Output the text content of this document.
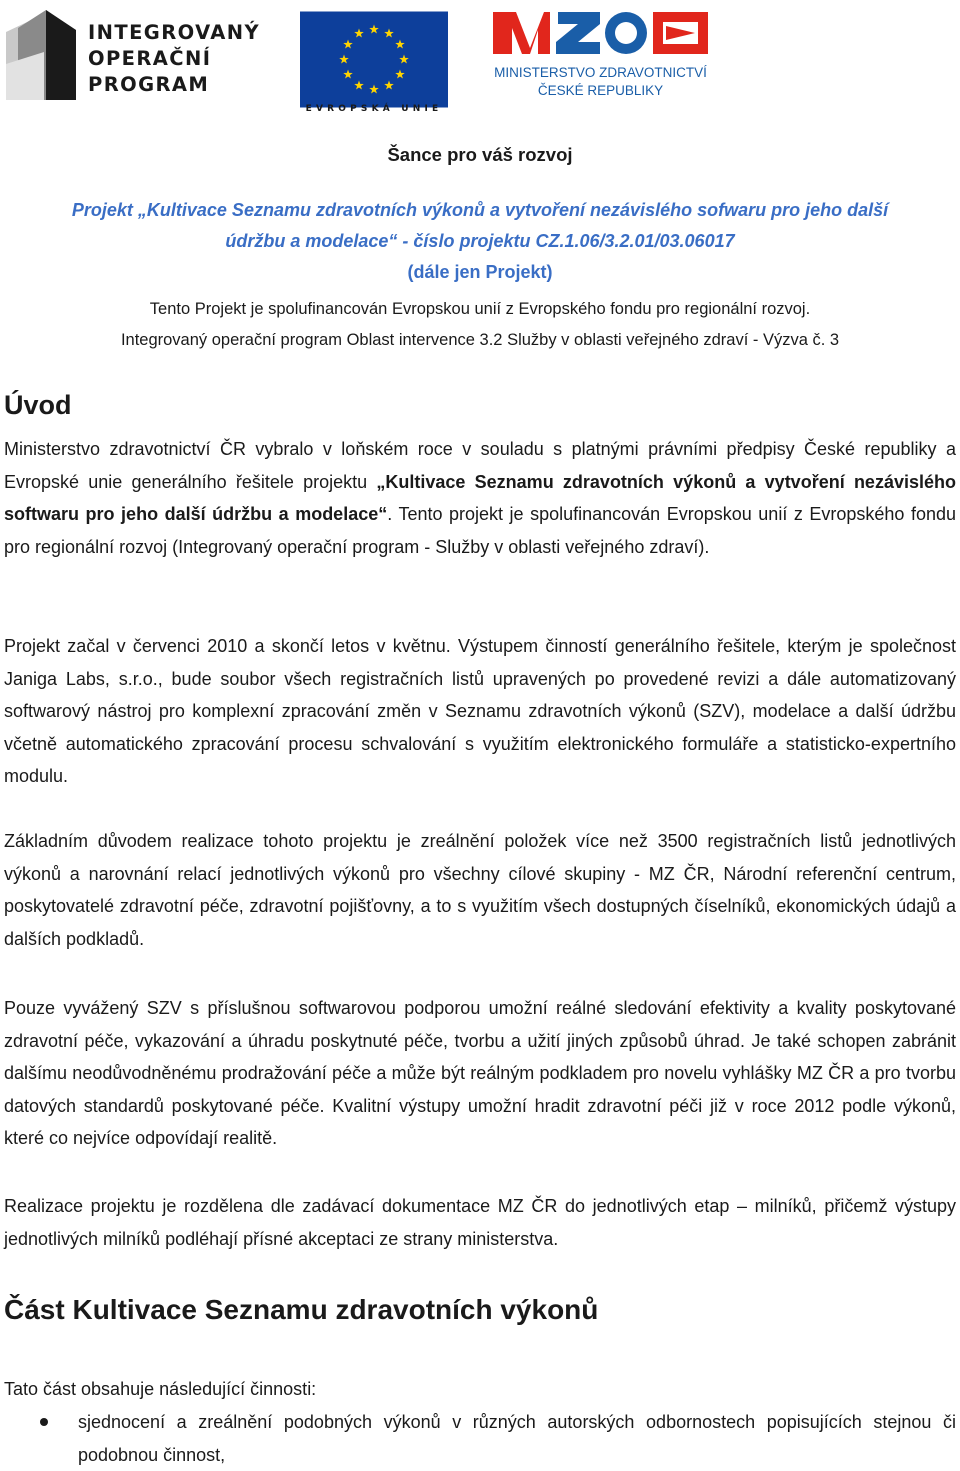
INTEGROVANÝ
OPERAČNÍ
PROGRAM
EVROPSKÁ UNIE
MINISTERSTVO ZDRAVOTNICTVÍ
ČESKÉ REPUBLIKY
Šance pro váš rozvoj
Projekt „Kultivace Seznamu zdravotních výkonů a vytvoření nezávislého sofwaru pro jeho další
údržbu a modelace“ - číslo projektu CZ.1.06/3.2.01/03.06017
(dále jen Projekt)
Tento Projekt je spolufinancován Evropskou unií z Evropského fondu pro regionální rozvoj.
Integrovaný operační program Oblast intervence 3.2 Služby v oblasti veřejného zdraví - Výzva č. 3
Úvod
Ministerstvo zdravotnictví ČR vybralo v loňském roce v souladu s platnými právními předpisy České republiky a Evropské unie generálního řešitele projektu „Kultivace Seznamu zdravotních výkonů a vytvoření nezávislého softwaru pro jeho další údržbu a modelace“. Tento projekt je spolufinancován Evropskou unií z Evropského fondu pro regionální rozvoj (Integrovaný operační program - Služby v oblasti veřejného zdraví).
Projekt začal v červenci 2010 a skončí letos v květnu. Výstupem činností generálního řešitele, kterým je společnost Janiga Labs, s.r.o., bude soubor všech registračních listů upravených po provedené revizi a dále automatizovaný softwarový nástroj pro komplexní zpracování změn v Seznamu zdravotních výkonů (SZV), modelace a další údržbu včetně automatického zpracování procesu schvalování s využitím elektronického formuláře a statisticko-expertního modulu.
Základním důvodem realizace tohoto projektu je zreálnění položek více než 3500 registračních listů jednotlivých výkonů a narovnání relací jednotlivých výkonů pro všechny cílové skupiny - MZ ČR, Národní referenční centrum, poskytovatelé zdravotní péče, zdravotní pojišťovny, a to s využitím všech dostupných číselníků, ekonomických údajů a dalších podkladů.
Pouze vyvážený SZV s příslušnou softwarovou podporou umožní reálné sledování efektivity a kvality poskytované zdravotní péče, vykazování a úhradu poskytnuté péče, tvorbu a užití jiných způsobů úhrad. Je také schopen zabránit dalšímu neodůvodněnému prodražování péče a může být reálným podkladem pro novelu vyhlášky MZ ČR a pro tvorbu datových standardů poskytované péče. Kvalitní výstupy umožní hradit zdravotní péči již v roce 2012 podle výkonů, které co nejvíce odpovídají realitě.
Realizace projektu je rozdělena dle zadávací dokumentace MZ ČR do jednotlivých etap – milníků, přičemž výstupy jednotlivých milníků podléhají přísné akceptaci ze strany ministerstva.
Část Kultivace Seznamu zdravotních výkonů
Tato část obsahuje následující činnosti:
sjednocení a zreálnění podobných výkonů v různých autorských odbornostech popisujících stejnou či podobnou činnost,
